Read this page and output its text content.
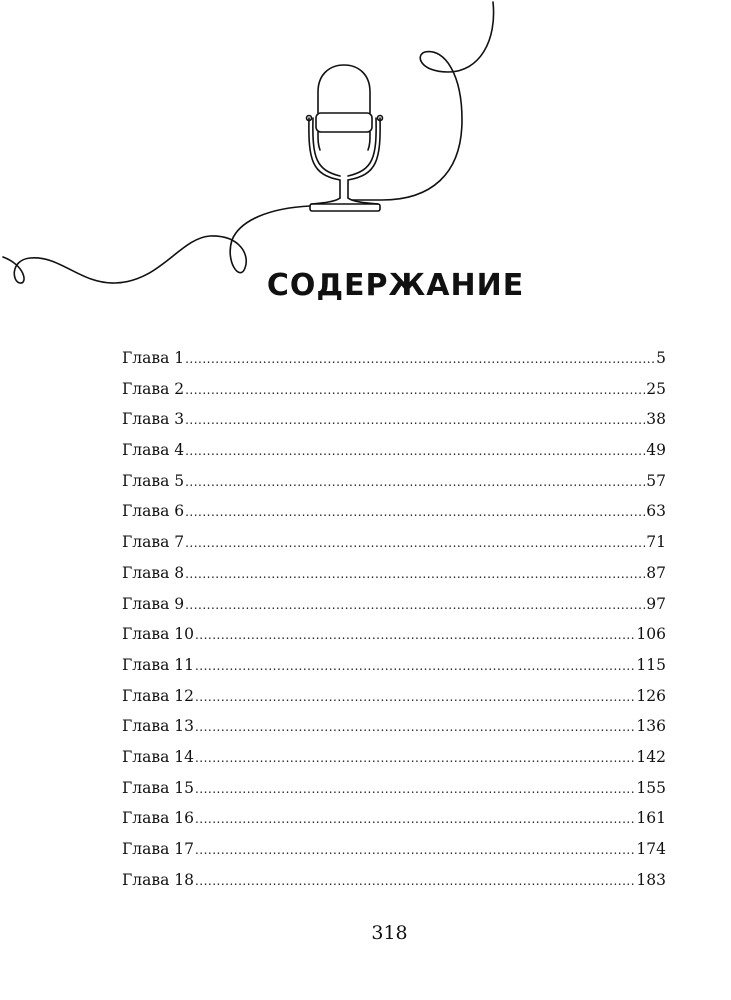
СОДЕРЖАНИЕ
Глава 1 .....	5
Глава 2 .....	25
Глава 3 .....	38
Глава 4 .....	49
Глава 5 .....	57
Глава 6 .....	63
Глава 7 .....	71
Глава 8 .....	87
Глава 9 .....	97
Глава 10 .....	106
Глава 11 .....	115
Глава 12 .....	126
Глава 13 .....	136
Глава 14 .....	142
Глава 15 .....	155
Глава 16 .....	161
Глава 17 .....	174
Глава 18 .....	183
318
